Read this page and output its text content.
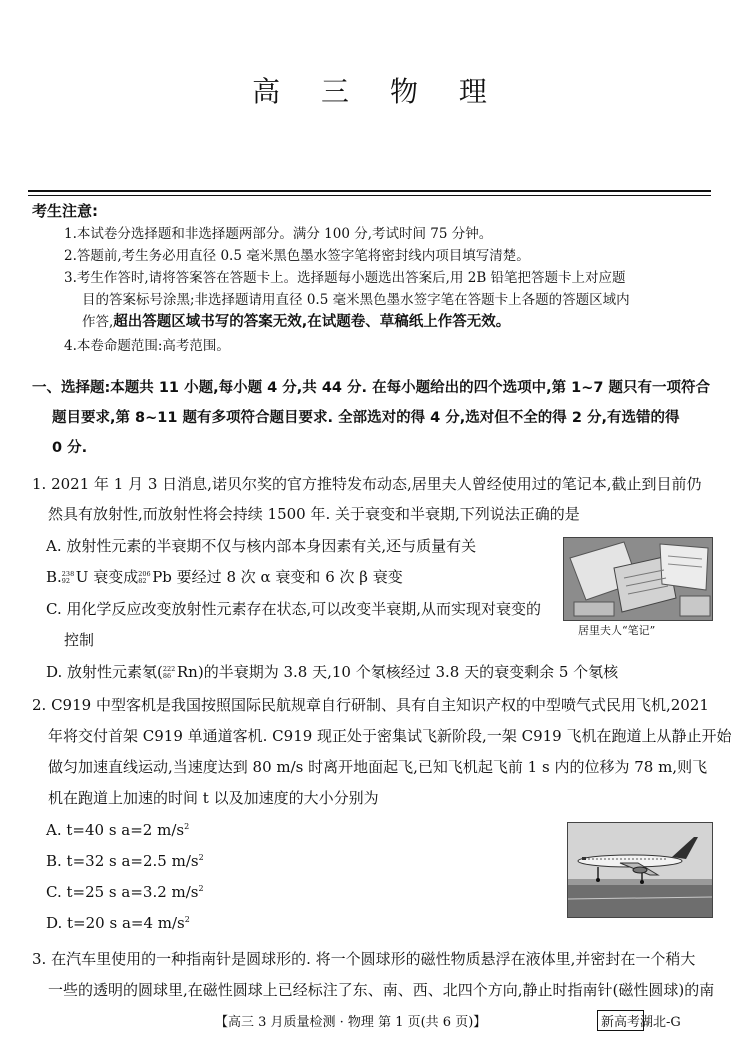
高 三 物 理
考生注意:
1.本试卷分选择题和非选择题两部分。满分 100 分,考试时间 75 分钟。
2.答题前,考生务必用直径 0.5 毫米黑色墨水签字笔将密封线内项目填写清楚。
3.考生作答时,请将答案答在答题卡上。选择题每小题选出答案后,用 2B 铅笔把答题卡上对应题
目的答案标号涂黑;非选择题请用直径 0.5 毫米黑色墨水签字笔在答题卡上各题的答题区域内
作答,超出答题区域书写的答案无效,在试题卷、草稿纸上作答无效。
4.本卷命题范围:高考范围。
一、选择题:本题共 11 小题,每小题 4 分,共 44 分. 在每小题给出的四个选项中,第 1~7 题只有一项符合
题目要求,第 8~11 题有多项符合题目要求. 全部选对的得 4 分,选对但不全的得 2 分,有选错的得
0 分.
1. 2021 年 1 月 3 日消息,诺贝尔奖的官方推特发布动态,居里夫人曾经使用过的笔记本,截止到目前仍
然具有放射性,而放射性将会持续 1500 年. 关于衰变和半衰期,下列说法正确的是
A. 放射性元素的半衰期不仅与核内部本身因素有关,还与质量有关
B. 238
92 U 衰变成 206
82 Pb 要经过 8 次 α 衰变和 6 次 β 衰变
C. 用化学反应改变放射性元素存在状态,可以改变半衰期,从而实现对衰变的
控制
D. 放射性元素氡( 222
86 Rn)的半衰期为 3.8 天,10 个氡核经过 3.8 天的衰变剩余 5 个氡核
居里夫人“笔记”
2. C919 中型客机是我国按照国际民航规章自行研制、具有自主知识产权的中型喷气式民用飞机,2021
年将交付首架 C919 单通道客机. C919 现正处于密集试飞新阶段,一架 C919 飞机在跑道上从静止开始
做匀加速直线运动,当速度达到 80 m/s 时离开地面起飞,已知飞机起飞前 1 s 内的位移为 78 m,则飞
机在跑道上加速的时间 t 以及加速度的大小分别为
A. t=40 s a=2 $m/s^2$
B. t=32 s a=2.5 $m/s^2$
C. t=25 s a=3.2 $m/s^2$
D. t=20 s a=4 $m/s^2$
3. 在汽车里使用的一种指南针是圆球形的. 将一个圆球形的磁性物质悬浮在液体里,并密封在一个稍大
一些的透明的圆球里,在磁性圆球上已经标注了东、南、西、北四个方向,静止时指南针(磁性圆球)的南
【高三 3 月质量检测 · 物理 第 1 页(共 6 页)】	新高考 湖北-G
